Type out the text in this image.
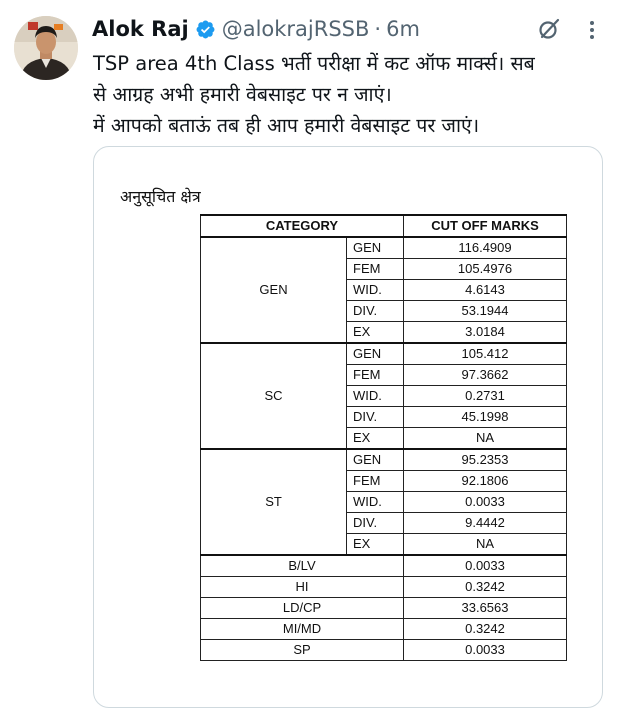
Alok Raj @alokrajRSSB · 6m
TSP area 4th Class भर्ती परीक्षा में कट ऑफ मार्क्स। सब
से आग्रह अभी हमारी वेबसाइट पर न जाएं।
में आपको बताऊं तब ही आप हमारी वेबसाइट पर जाएं।
अनुसूचित क्षेत्र
CATEGORY		CUT OFF MARKS
GEN	GEN	116.4909
	FEM	105.4976
	WID.	4.6143
	DIV.	53.1944
	EX	3.0184
SC	GEN	105.412
	FEM	97.3662
	WID.	0.2731
	DIV.	45.1998
	EX	NA
ST	GEN	95.2353
	FEM	92.1806
	WID.	0.0033
	DIV.	9.4442
	EX	NA
B/LV		0.0033
HI		0.3242
LD/CP		33.6563
MI/MD		0.3242
SP		0.0033
